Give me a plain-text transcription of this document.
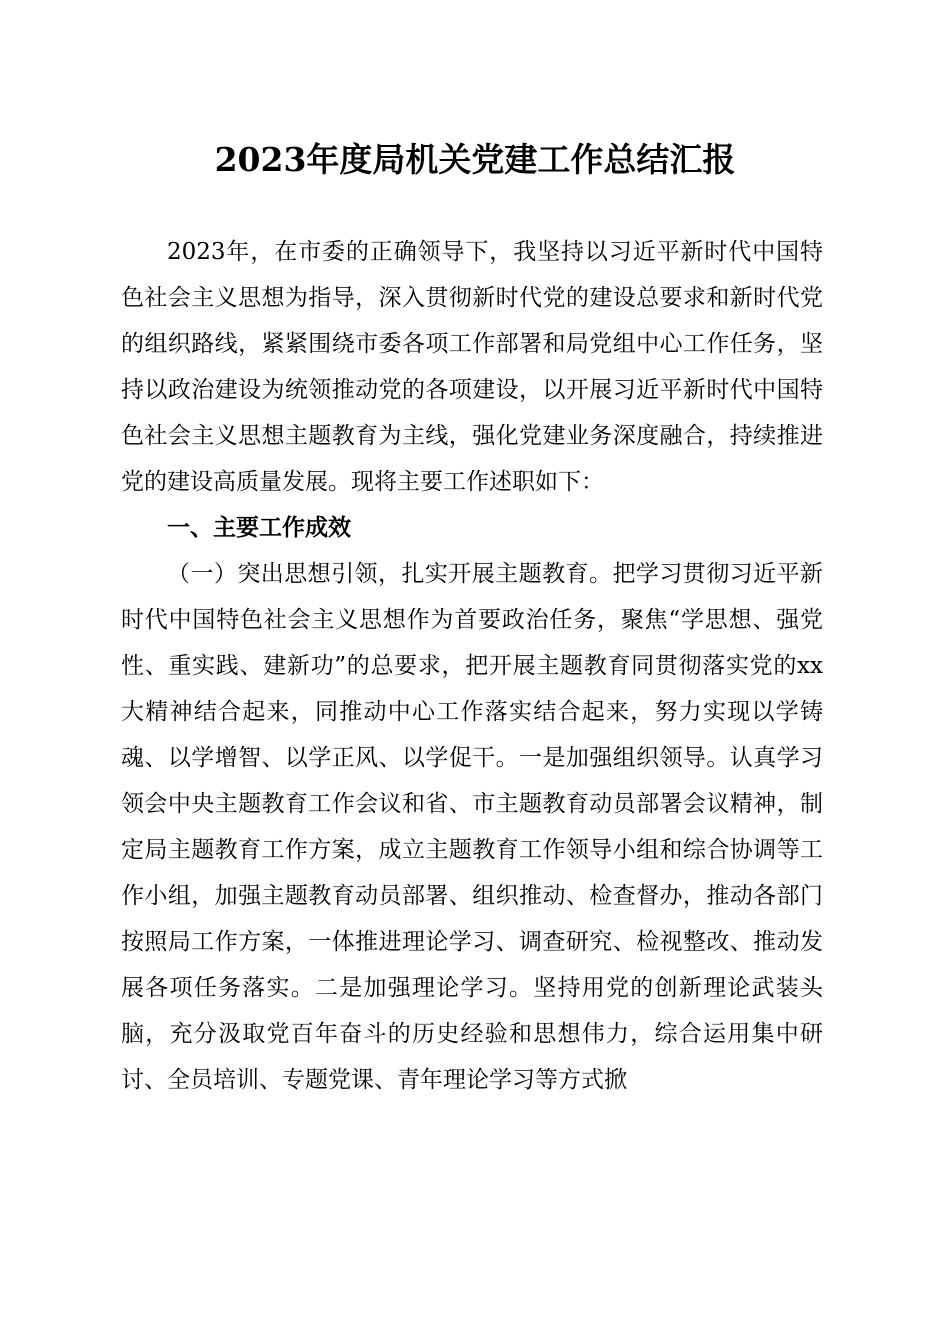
2023年度局机关党建工作总结汇报

2023年，在市委的正确领导下，我坚持以习近平新时代中国特色社会主义思想为指导，深入贯彻新时代党的建设总要求和新时代党的组织路线，紧紧围绕市委各项工作部署和局党组中心工作任务，坚持以政治建设为统领推动党的各项建设，以开展习近平新时代中国特色社会主义思想主题教育为主线，强化党建业务深度融合，持续推进党的建设高质量发展。现将主要工作述职如下：

一、主要工作成效

（一）突出思想引领，扎实开展主题教育。把学习贯彻习近平新时代中国特色社会主义思想作为首要政治任务，聚焦“学思想、强党性、重实践、建新功”的总要求，把开展主题教育同贯彻落实党的xx大精神结合起来，同推动中心工作落实结合起来，努力实现以学铸魂、以学增智、以学正风、以学促干。一是加强组织领导。认真学习领会中央主题教育工作会议和省、市主题教育动员部署会议精神，制定局主题教育工作方案，成立主题教育工作领导小组和综合协调等工作小组，加强主题教育动员部署、组织推动、检查督办，推动各部门按照局工作方案，一体推进理论学习、调查研究、检视整改、推动发展各项任务落实。二是加强理论学习。坚持用党的创新理论武装头脑，充分汲取党百年奋斗的历史经验和思想伟力，综合运用集中研讨、全员培训、专题党课、青年理论学习等方式掀
